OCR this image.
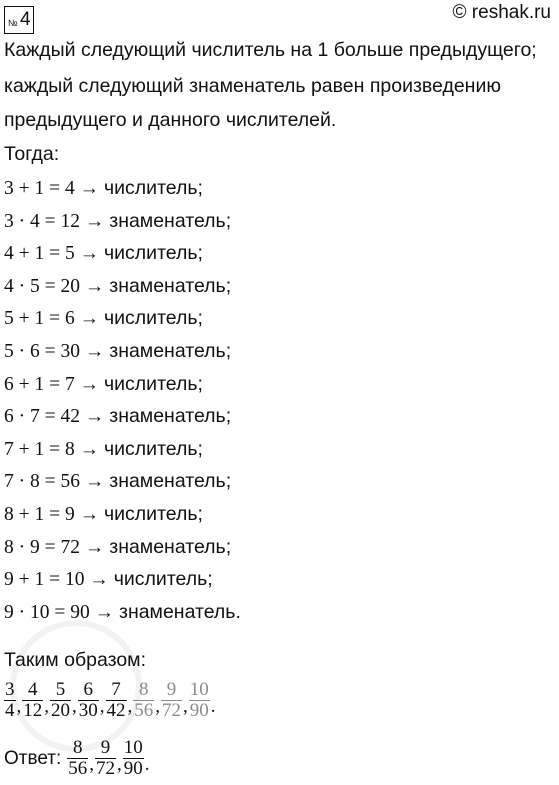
№ 4	© reshak.ru
Каждый следующий числитель на 1 больше предыдущего;
каждый следующий знаменатель равен произведению
предыдущего и данного числителей.
Тогда:
3 + 1 = 4 → числитель;
3 · 4 = 12 → знаменатель;
4 + 1 = 5 → числитель;
4 · 5 = 20 → знаменатель;
5 + 1 = 6 → числитель;
5 · 6 = 30 → знаменатель;
6 + 1 = 7 → числитель;
6 · 7 = 42 → знаменатель;
7 + 1 = 8 → числитель;
7 · 8 = 56 → знаменатель;
8 + 1 = 9 → числитель;
8 · 9 = 72 → знаменатель;
9 + 1 = 10 → числитель;
9 · 10 = 90 → знаменатель.
Таким образом:
$\frac{3}{4}$ , $\frac{4}{12}$ , $\frac{5}{20}$ , $\frac{6}{30}$ , $\frac{7}{42}$ , $\frac{8}{56}$ , $\frac{9}{72}$ , $\frac{10}{90}$ .
Ответ: $\frac{8}{56}$ , $\frac{9}{72}$ , $\frac{10}{90}$ .
